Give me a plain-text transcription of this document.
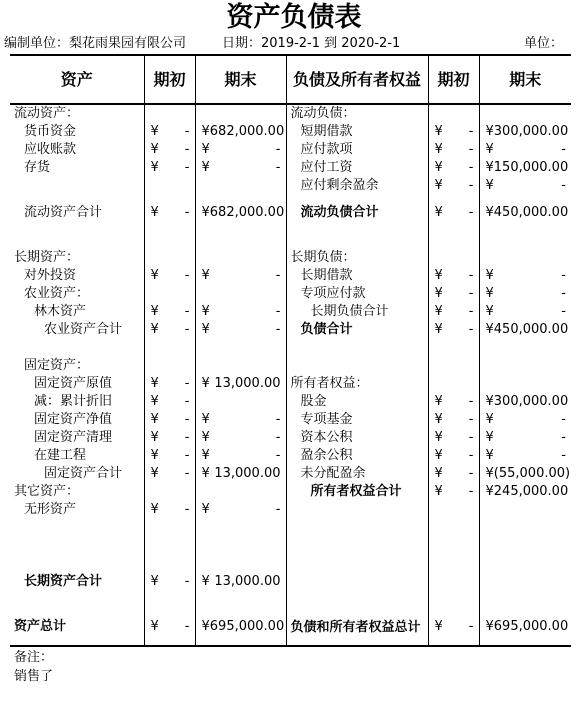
资产负债表
编制单位：梨花雨果园有限公司	日期：2019-2-1 到 2020-2-1	单位：
资产	期初	期末	负债及所有者权益	期初	期末
流动资产：			流动负债：		
货币资金	¥ -	¥ 682,000.00	短期借款	¥ -	¥ 300,000.00

应收账款	¥ -	¥ -	应付款项	¥ -	¥ -

存货	¥ -	¥ -	应付工资	¥ -	¥ 150,000.00

			应付剩余盈余	¥ -	¥ -

流动资产合计	¥ -	¥ 682,000.00	流动负债合计	¥ -	¥ 450,000.00

长期资产：			长期负债：		
对外投资	¥ -	¥ -	长期借款	¥ -	¥ -

农业资产：			专项应付款	¥ -	¥ -

林木资产	¥ -	¥ -	长期负债合计	¥ -	¥ -

农业资产合计	¥ -	¥ -	负债合计	¥ -	¥ 450,000.00

固定资产：					
固定资产原值	¥ -	¥ 13,000.00	所有者权益：		
减：累计折旧	¥ -		股金	¥ -	¥ 300,000.00

固定资产净值	¥ -	¥ -	专项基金	¥ -	¥ -

固定资产清理	¥ -	¥ -	资本公积	¥ -	¥ -

在建工程	¥ -	¥ -	盈余公积	¥ -	¥ -

固定资产合计	¥ -	¥ 13,000.00	未分配盈余	¥ -	¥ (55,000.00)

其它资产：			所有者权益合计	¥ -	¥ 245,000.00

无形资产	¥ -	¥ -			

长期资产合计	¥ -	¥ 13,000.00			

资产总计	¥ -	¥ 695,000.00	负债和所有者权益总计	¥ -	¥ 695,000.00
备注：
销售了
